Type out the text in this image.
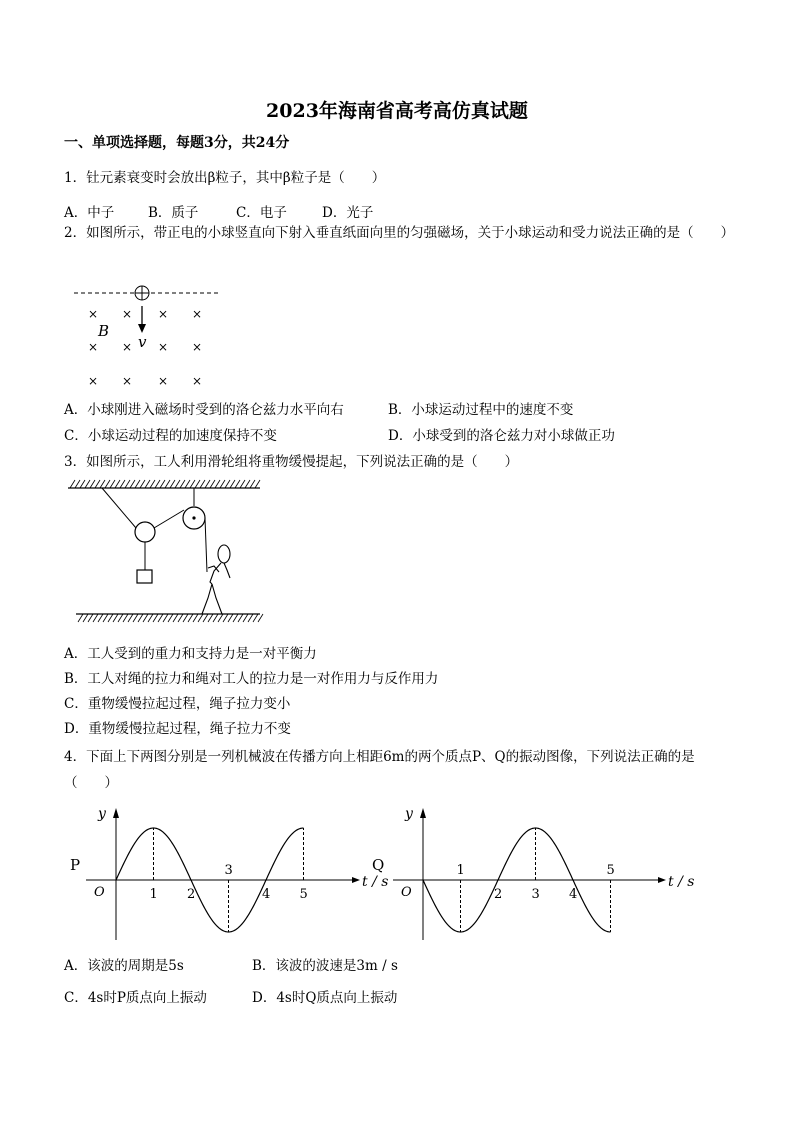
2023年海南省高考高仿真试题
一、单项选择题，每题3分，共24分
1．钍元素衰变时会放出β粒子，其中β粒子是（　　）
A．中子	B．质子	C．电子	D．光子
2．如图所示，带正电的小球竖直向下射入垂直纸面向里的匀强磁场，关于小球运动和受力说法正确的是（　　）
× × × ×
× × × ×
× × × ×
B
v
A．小球刚进入磁场时受到的洛仑兹力水平向右	B．小球运动过程中的速度不变
C．小球运动过程的加速度保持不变	D．小球受到的洛仑兹力对小球做正功
3．如图所示，工人利用滑轮组将重物缓慢提起，下列说法正确的是（　　）
A．工人受到的重力和支持力是一对平衡力
B．工人对绳的拉力和绳对工人的拉力是一对作用力与反作用力
C．重物缓慢拉起过程，绳子拉力变小
D．重物缓慢拉起过程，绳子拉力不变
4．下面上下两图分别是一列机械波在传播方向上相距6m的两个质点P、Q的振动图像，下列说法正确的是（　　）
y
t / s
O
P
1 2
3
4 5
y
t / s
O
Q	1
2 3 4
5
A．该波的周期是5s	B．该波的波速是3m / s
C．4s时P质点向上振动	D．4s时Q质点向上振动
